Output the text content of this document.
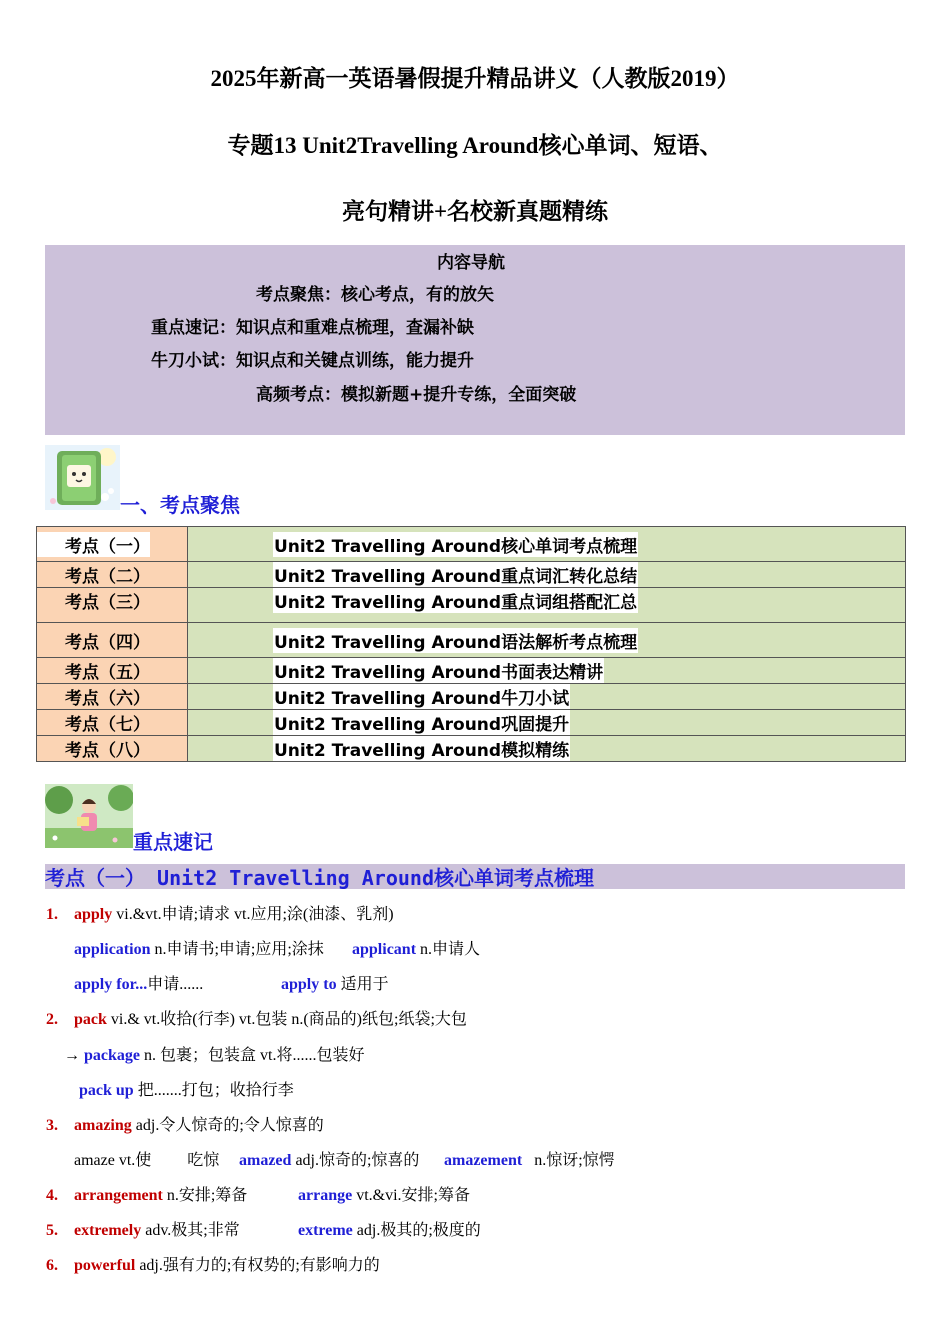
2025年新高一英语暑假提升精品讲义（人教版2019）
专题13 Unit2Travelling Around核心单词、短语、
亮句精讲+名校新真题精练
内容导航
考点聚焦：核心考点，有的放矢
重点速记：知识点和重难点梳理，查漏补缺
牛刀小试：知识点和关键点训练，能力提升
高频考点：模拟新题+提升专练，全面突破
一、考点聚焦
考点（一）	Unit2 Travelling Around核心单词考点梳理
考点（二）	Unit2 Travelling Around重点词汇转化总结
考点（三）	Unit2 Travelling Around重点词组搭配汇总
考点（四）	Unit2 Travelling Around语法解析考点梳理
考点（五）	Unit2 Travelling Around书面表达精讲
考点（六）	Unit2 Travelling Around牛刀小试
考点（七）	Unit2 Travelling Around巩固提升
考点（八）	Unit2 Travelling Around模拟精练
重点速记
考点（一） Unit2 Travelling Around核心单词考点梳理
1. apply vi.&vt.申请;请求 vt.应用;涂(油漆、乳剂)
application n.申请书;申请;应用;涂抹 applicant n.申请人
apply for...申请......	apply to 适用于
2. pack vi.& vt.收拾(行李) vt.包装 n.(商品的)纸包;纸袋;大包
→ package n. 包裹；包装盒 vt.将......包装好
pack up 把.......打包；收拾行李
3. amazing adj.令人惊奇的;令人惊喜的
amaze vt.使         吃惊 amazed adj.惊奇的;惊喜的 amazement   n.惊讶;惊愕
4. arrangement n.安排;筹备	arrange vt.&vi.安排;筹备
5. extremely adv.极其;非常	extreme adj.极其的;极度的
6. powerful adj.强有力的;有权势的;有影响力的
